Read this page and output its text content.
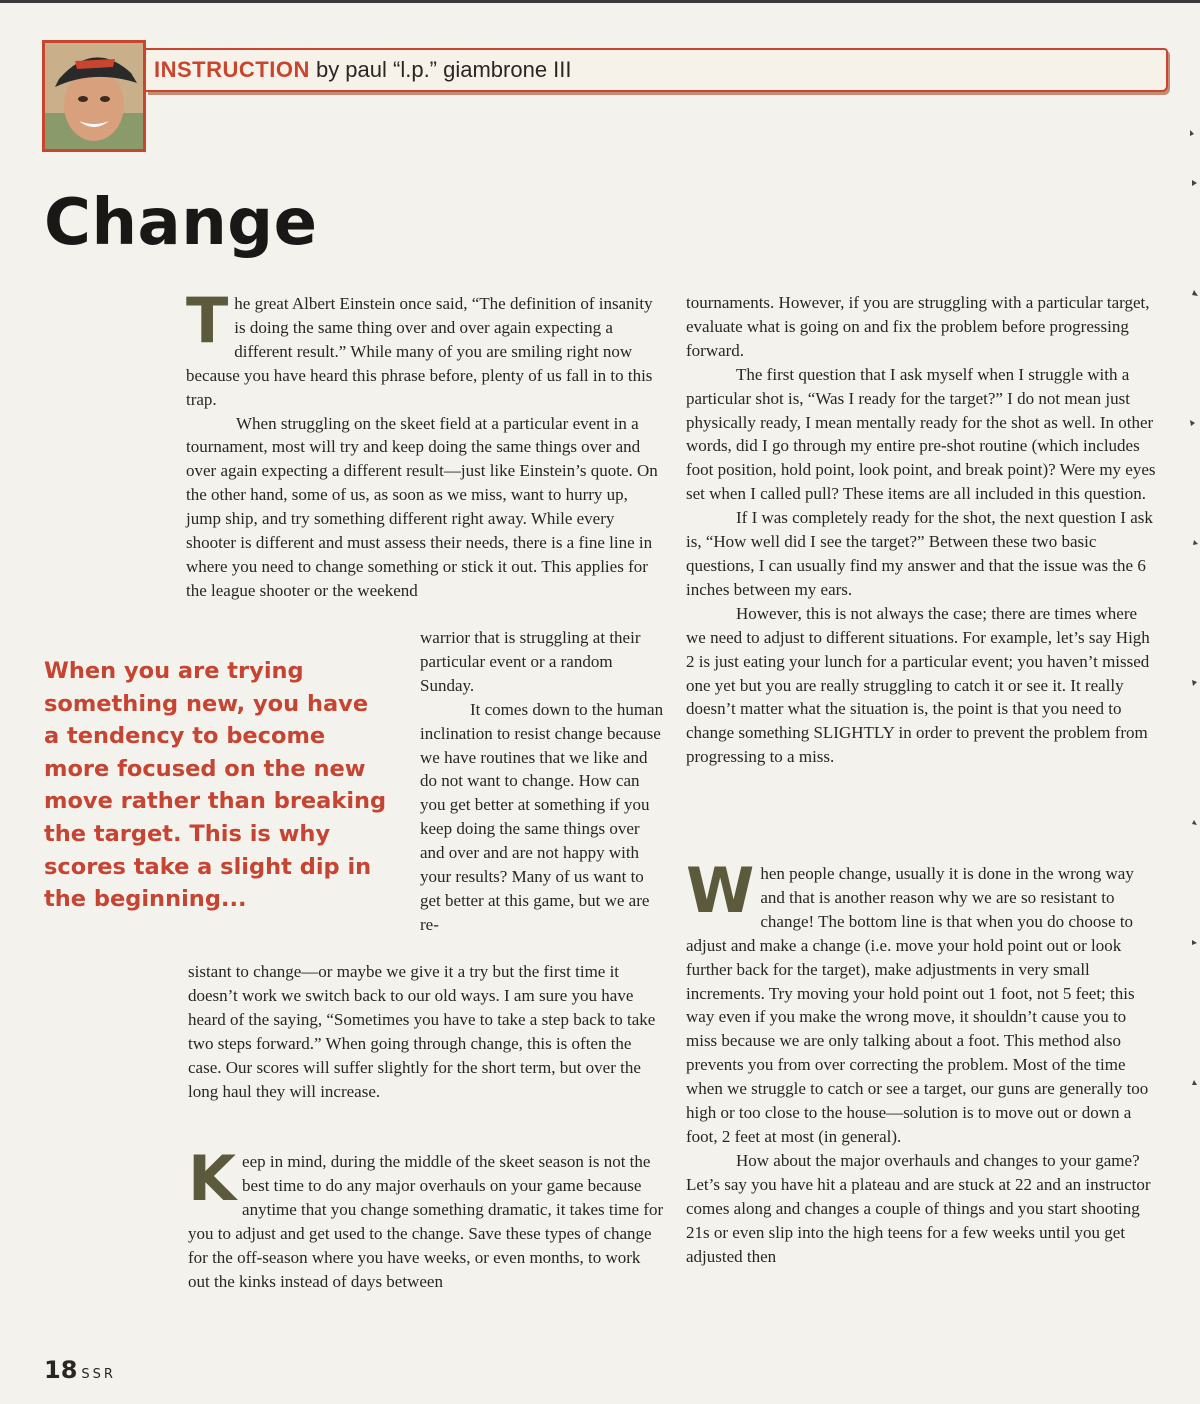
INSTRUCTION by paul “l.p.” giambrone III
Change

The great Albert Einstein once said, “The definition of insanity is doing the same thing over and over again expecting a different result.” While many of you are smiling right now because you have heard this phrase before, plenty of us fall in to this trap.

When struggling on the skeet field at a particular event in a tournament, most will try and keep doing the same things over and over again expecting a different result—just like Einstein’s quote. On the other hand, some of us, as soon as we miss, want to hurry up, jump ship, and try something different right away. While every shooter is different and must assess their needs, there is a fine line in where you need to change something or stick it out. This applies for the league shooter or the weekend

warrior that is struggling at their particular event or a random Sunday.

It comes down to the human inclination to resist change because we have routines that we like and do not want to change. How can you get better at something if you keep doing the same things over and over and are not happy with your results? Many of us want to get better at this game, but we are re-

When you are trying something new, you have a tendency to become more focused on the new move rather than breaking the target. This is why scores take a slight dip in the beginning...

sistant to change—or maybe we give it a try but the first time it doesn’t work we switch back to our old ways. I am sure you have heard of the saying, “Sometimes you have to take a step back to take two steps forward.” When going through change, this is often the case. Our scores will suffer slightly for the short term, but over the long haul they will increase.

Keep in mind, during the middle of the skeet season is not the best time to do any major overhauls on your game because anytime that you change something dramatic, it takes time for you to adjust and get used to the change. Save these types of change for the off-season where you have weeks, or even months, to work out the kinks instead of days between

tournaments. However, if you are struggling with a particular target, evaluate what is going on and fix the problem before progressing forward.

The first question that I ask myself when I struggle with a particular shot is, “Was I ready for the target?” I do not mean just physically ready, I mean mentally ready for the shot as well. In other words, did I go through my entire pre-shot routine (which includes foot position, hold point, look point, and break point)? Were my eyes set when I called pull? These items are all included in this question.

If I was completely ready for the shot, the next question I ask is, “How well did I see the target?” Between these two basic questions, I can usually find my answer and that the issue was the 6 inches between my ears.

However, this is not always the case; there are times where we need to adjust to different situations. For example, let’s say High 2 is just eating your lunch for a particular event; you haven’t missed one yet but you are really struggling to catch it or see it. It really doesn’t matter what the situation is, the point is that you need to change something SLIGHTLY in order to prevent the problem from progressing to a miss.

When people change, usually it is done in the wrong way and that is another reason why we are so resistant to change! The bottom line is that when you do choose to adjust and make a change (i.e. move your hold point out or look further back for the target), make adjustments in very small increments. Try moving your hold point out 1 foot, not 5 feet; this way even if you make the wrong move, it shouldn’t cause you to miss because we are only talking about a foot. This method also prevents you from over correcting the problem. Most of the time when we struggle to catch or see a target, our guns are generally too high or too close to the house—solution is to move out or down a foot, 2 feet at most (in general).

How about the major overhauls and changes to your game? Let’s say you have hit a plateau and are stuck at 22 and an instructor comes along and changes a couple of things and you start shooting 21s or even slip into the high teens for a few weeks until you get adjusted then

18 SSR
